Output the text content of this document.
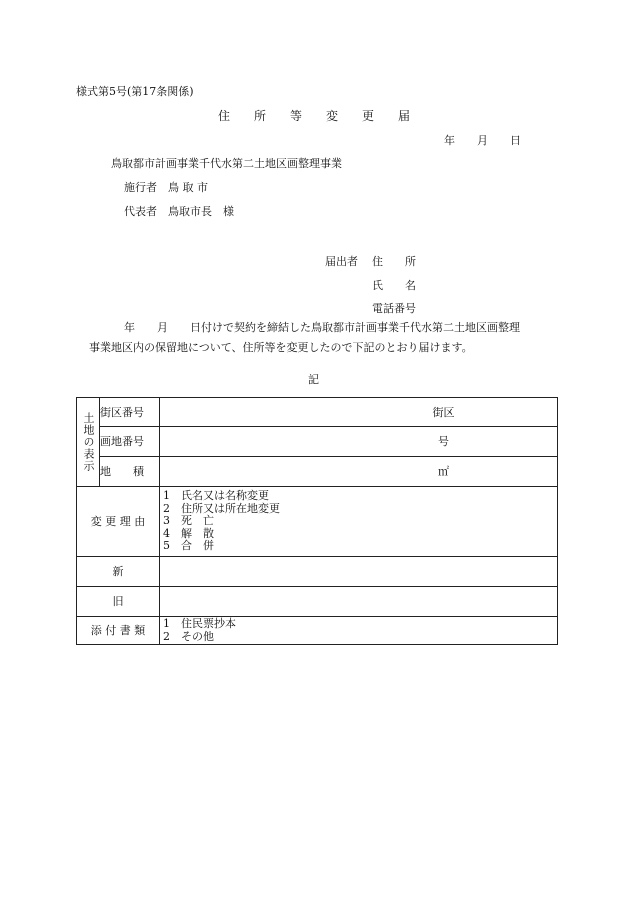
様式第5号(第17条関係)
住　　所　　等　　変　　更　　届
年　　月　　日
鳥取都市計画事業千代水第二土地区画整理事業
施行者　鳥 取 市
代表者　鳥取市長　様
届出者 住　　所
氏　　名
電話番号
年　　月　　日付けで契約を締結した鳥取都市計画事業千代水第二土地区画整理
事業地区内の保留地について、住所等を変更したので下記のとおり届けます。
記
土地の表示	街区番号	街区
	画地番号	号
	地　　積	㎡
変 更 理 由		1　氏名又は名称変更
2　住所又は所在地変更
3　死　亡
4　解　散
5　合　併

新		
旧		
添 付 書 類		1　住民票抄本
2　その他
